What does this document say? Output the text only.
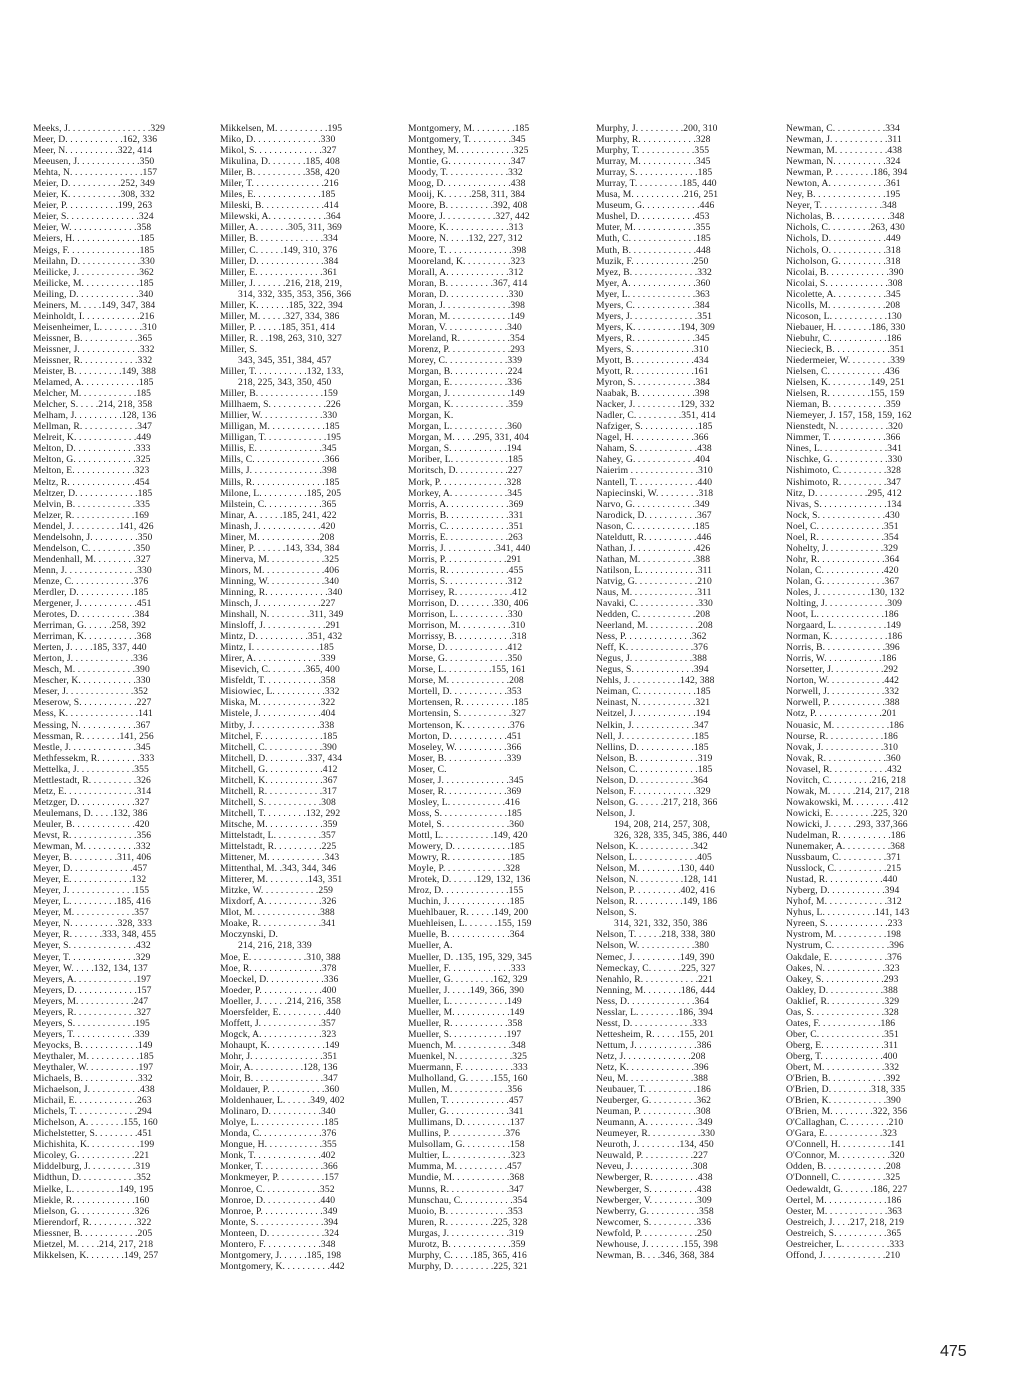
Meeks, J. . . . . . . . . . . . . . . . .329
Meer, D. . . . . . . . . . . .162, 336
Meer, N. . . . . . . . . . .322, 414
Meeusen, J. . . . . . . . . . . . .350
Mehta, N. . . . . . . . . . . . . . .157
Meier, D. . . . . . . . . . .252, 349
Meier, K. . . . . . . . . . .308, 332
Meier, P. . . . . . . . . . .199, 263
Meier, S. . . . . . . . . . . . . . .324
Meier, W. . . . . . . . . . . . . .358
Meiers, H. . . . . . . . . . . . . .185
Meigs, F. . . . . . . . . . . . . . .185
Meilahn, D. . . . . . . . . . . . .330
Meilicke, J. . . . . . . . . . . . .362
Meilicke, M. . . . . . . . . . . .185
Meiling, D. . . . . . . . . . . . .340
Meiners, M. . . . .149, 347, 384
Meinholdt, I. . . . . . . . . . . .216
Meisenheimer, L. . . . . . . . .310
Meissner, B. . . . . . . . . . . .365
Meissner, J. . . . . . . . . . . . .332
Meissner, R. . . . . . . . . . . .332
Meister, B. . . . . . . . . .149, 388
Melamed, A. . . . . . . . . . . .185
Melcher, M. . . . . . . . . . . .185
Melcher, S. . . . .214, 218, 358
Melham, J. . . . . . . . . .128, 136
Mellman, R. . . . . . . . . . . .347
Melreit, K. . . . . . . . . . . . .449
Melton, D. . . . . . . . . . . . .333
Melton, G. . . . . . . . . . . . .325
Melton, E. . . . . . . . . . . . .323
Meltz, R. . . . . . . . . . . . . .454
Meltzer, D. . . . . . . . . . . . .185
Melvin, B. . . . . . . . . . . . .335
Melzer, R. . . . . . . . . . . . .169
Mendel, J. . . . . . . . . .141, 426
Mendelsohn, J. . . . . . . . . .350
Mendelson, C. . . . . . . . . .350
Mendenhall, M. . . . . . . . .327
Menn, J. . . . . . . . . . . . . . .330
Menze, C. . . . . . . . . . . . .376
Merdler, D. . . . . . . . . . . .185
Mergener, J. . . . . . . . . . . .451
Merotes, D. . . . . . . . . . . .384
Merriman, G. . . . . .258, 392
Merriman, K. . . . . . . . . . .368
Merten, J. . . . .185, 337, 440
Merton, J. . . . . . . . . . . . .336
Mesch, M. . . . . . . . . . . . .390
Mescher, K. . . . . . . . . . . .330
Meser, J. . . . . . . . . . . . . .352
Meserow, S. . . . . . . . . . . .227
Mess, K. . . . . . . . . . . . . . .141
Messing, N. . . . . . . . . . . .367
Messman, R. . . . . . . .141, 256
Mestle, J. . . . . . . . . . . . . .345
Methfessekm, R. . . . . . . . .333
Mettelka, J. . . . . . . . . . . .355
Mettlestadt, R. . . . . . . . . .326
Metz, E. . . . . . . . . . . . . . .314
Metzger, D. . . . . . . . . . . .327
Meulemans, D. . . . .132, 386
Meuler, B. . . . . . . . . . . . .420
Mevst, R. . . . . . . . . . . . . .356
Mewman, M. . . . . . . . . . .332
Meyer, B. . . . . . . . . .311, 406
Meyer, D. . . . . . . . . . . . .457
Meyer, E. . . . . . . . . . . . .132
Meyer, J. . . . . . . . . . . . . .155
Meyer, L. . . . . . . . . .185, 416
Meyer, M. . . . . . . . . . . . .357
Meyer, N. . . . . . . . . .328, 333
Meyer, R. . . . . . .333, 348, 455
Meyer, S. . . . . . . . . . . . . .432
Meyer, T. . . . . . . . . . . . . .329
Meyer, W. . . . .132, 134, 137
Meyers, A. . . . . . . . . . . . .197
Meyers, D. . . . . . . . . . . . .157
Meyers, M. . . . . . . . . . . .247
Meyers, R. . . . . . . . . . . . .327
Meyers, S. . . . . . . . . . . . .195
Meyers, T. . . . . . . . . . . . .339
Meyocks, B. . . . . . . . . . . .149
Meythaler, M. . . . . . . . . . .185
Meythaler, W. . . . . . . . . . .197
Michaels, B. . . . . . . . . . . .332
Michaelson, J. . . . . . . . . . .438
Michail, E. . . . . . . . . . . . .263
Michels, T. . . . . . . . . . . . .294
Michelson, A. . . . . . . .155, 160
Michelstetter, S. . . . . . . . .451
Michishita, K. . . . . . . . . . .199
Micoley, G. . . . . . . . . . . .221
Middelburg, J. . . . . . . . . .319
Midthun, D. . . . . . . . . . . .352
Mielke, L. . . . . . . . . .149, 195
Miekle, R. . . . . . . . . . . . .160
Mielson, G. . . . . . . . . . . .326
Mierendorf, R. . . . . . . . . .322
Miessner, B. . . . . . . . . . . .205
Mietzel, M. . . . .214, 217, 218
Mikkelsen, K. . . . . . . .149, 257
Mikkelsen, M. . . . . . . . . . .195
Miko, D. . . . . . . . . . . . . .330
Mikol, S. . . . . . . . . . . . . .327
Mikulina, D. . . . . . . .185, 408
Miler, B. . . . . . . . . . .358, 420
Miler, T. . . . . . . . . . . . . . .216
Miles, E. . . . . . . . . . . . . .185
Mileski, B. . . . . . . . . . . . .414
Milewski, A. . . . . . . . . . . .364
Miller, A. . . . . . .305, 311, 369
Miller, B. . . . . . . . . . . . . .334
Miller, C. . . . . .149, 310, 376
Miller, D. . . . . . . . . . . . . .384
Miller, E. . . . . . . . . . . . . .361
Miller, J. . . . . . .216, 218, 219,
314, 332, 335, 353, 356, 366
Miller, K. . . . . . .185, 322, 394
Miller, M. . . . . .327, 334, 386
Miller, P. . . . . .185, 351, 414
Miller, R. . .198, 263, 310, 327
Miller, S.
343, 345, 351, 384, 457
Miller, T. . . . . . . . . . .132, 133,
218, 225, 343, 350, 450
Miller, B. . . . . . . . . . . . . .159
Millhaem, S. . . . . . . . . . . .226
Millier, W. . . . . . . . . . . . .330
Milligan, M. . . . . . . . . . . .185
Milligan, T. . . . . . . . . . . . .195
Millis, E. . . . . . . . . . . . . .345
Mills, C. . . . . . . . . . . . . . .366
Mills, J. . . . . . . . . . . . . . .398
Mills, R. . . . . . . . . . . . . . .185
Milone, L. . . . . . . . . .185, 205
Milstein, C. . . . . . . . . . . .365
Minar, A. . . . . .185, 241, 422
Minash, J. . . . . . . . . . . . .420
Miner, M. . . . . . . . . . . . .208
Miner, P. . . . . . .143, 334, 384
Minerva, M. . . . . . . . . . . .325
Minors, M. . . . . . . . . . . . .406
Minning, W. . . . . . . . . . . .340
Minning, R. . . . . . . . . . . . .340
Minsch, J. . . . . . . . . . . . .227
Minshall, N. . . . . . . . .311, 349
Minsloff, J. . . . . . . . . . . . .291
Mintz, D. . . . . . . . . . .351, 432
Mintz, I. . . . . . . . . . . . . .185
Mirer, A. . . . . . . . . . . . . .339
Misevich, C. . . . . . . .365, 400
Misfeldt, T. . . . . . . . . . . .358
Misiowiec, L. . . . . . . . . . .332
Miska, M. . . . . . . . . . . . .322
Mistele, J. . . . . . . . . . . . .404
Mitby, J. . . . . . . . . . . . . .338
Mitchel, F. . . . . . . . . . . . .185
Mitchell, C. . . . . . . . . . . .390
Mitchell, D. . . . . . . . .337, 434
Mitchell, G. . . . . . . . . . . .412
Mitchell, K. . . . . . . . . . . .367
Mitchell, R. . . . . . . . . . . .317
Mitchell, S. . . . . . . . . . . .308
Mitchell, T. . . . . . . . .132, 292
Mitsche, M. . . . . . . . . . . .359
Mittelstadt, L. . . . . . . . . .357
Mittelstadt, R. . . . . . . . . .225
Mittener, M. . . . . . . . . . . .343
Mittenthal, M. .343, 344, 346
Mitterer, M. . . . . . . . .143, 351
Mitzke, W. . . . . . . . . . . .259
Mixdorf, A. . . . . . . . . . . .326
Mlot, M. . . . . . . . . . . . . .388
Moake, R. . . . . . . . . . . . .341
Moczynski, D.
214, 216, 218, 339
Moe, E. . . . . . . . . . . .310, 388
Moe, R. . . . . . . . . . . . . . .378
Moeckel, D. . . . . . . . . . . .336
Moeder, P. . . . . . . . . . . . .400
Moeller, J. . . . . .214, 216, 358
Moersfelder, E. . . . . . . . . .440
Moffett, J. . . . . . . . . . . . .357
Mogck, A. . . . . . . . . . . . .323
Mohaupt, K. . . . . . . . . . . .149
Mohr, J. . . . . . . . . . . . . . .351
Moir, A. . . . . . . . . . .128, 136
Moir, B. . . . . . . . . . . . . . .347
Moldauer, P. . . . . . . . . . . .360
Moldenhauer, L. . . . . .349, 402
Molinaro, D. . . . . . . . . . .340
Molye, L. . . . . . . . . . . . . .185
Monda, C. . . . . . . . . . . . .376
Mongue, H. . . . . . . . . . . .355
Monk, T. . . . . . . . . . . . . .402
Monker, T. . . . . . . . . . . . .366
Monkmeyer, P. . . . . . . . . .157
Monroe, C. . . . . . . . . . . .352
Monroe, D. . . . . . . . . . . .440
Monroe, P. . . . . . . . . . . . .349
Monte, S. . . . . . . . . . . . . .394
Monteen, D. . . . . . . . . . . .324
Montero, F. . . . . . . . . . . .348
Montgomery, J. . . . . .185, 198
Montgomery, K. . . . . . . . . .442
Montgomery, M. . . . . . . . .185
Montgomery, T. . . . . . . . .345
Monthey, M. . . . . . . . . . . .325
Montie, G. . . . . . . . . . . . .347
Moody, T. . . . . . . . . . . . .332
Moog, D. . . . . . . . . . . . . .438
Mooij, K. . . . . .258, 311, 384
Moore, B. . . . . . . . . .392, 408
Moore, J. . . . . . . . . . .327, 442
Moore, K. . . . . . . . . . . . .313
Moore, N. . . . .132, 227, 312
Moore, T. . . . . . . . . . . . . .398
Mooreland, K. . . . . . . . . .323
Morall, A. . . . . . . . . . . . .312
Moran, B. . . . . . . . . .367, 414
Moran, D. . . . . . . . . . . . .330
Moran, J. . . . . . . . . . . . . .398
Moran, M. . . . . . . . . . . . .149
Moran, V. . . . . . . . . . . . .340
Moreland, R. . . . . . . . . . .354
Morenz, P. . . . . . . . . . . . .293
Morey, C. . . . . . . . . . . . .339
Morgan, B. . . . . . . . . . . .224
Morgan, E. . . . . . . . . . . .336
Morgan, J. . . . . . . . . . . . .149
Morgan, K. . . . . . . . . . . .359
Morgan, K.
Morgan, L. . . . . . . . . . . .360
Morgan, M. . . . .295, 331, 404
Morgan, S. . . . . . . . . . . .194
Moriber, L. . . . . . . . . . . .185
Moritsch, D. . . . . . . . . . .227
Mork, P. . . . . . . . . . . . . .328
Morkey, A. . . . . . . . . . . .345
Morris, A. . . . . . . . . . . . .369
Morris, B. . . . . . . . . . . . .331
Morris, C. . . . . . . . . . . . .351
Morris, E. . . . . . . . . . . . .263
Morris, J. . . . . . . . . . .341, 440
Morris, P. . . . . . . . . . . . .291
Morris, R. . . . . . . . . . . . .455
Morris, S. . . . . . . . . . . . .312
Morrisey, R. . . . . . . . . . . .412
Morrison, D. . . . . . . .330, 406
Morrison, L. . . . . . . . . . .330
Morrison, M. . . . . . . . . . .310
Morrissy, B. . . . . . . . . . . .318
Morse, D. . . . . . . . . . . . .412
Morse, G. . . . . . . . . . . . .350
Morse, L. . . . . . . . . .155, 161
Morse, M. . . . . . . . . . . . .208
Mortell, D. . . . . . . . . . . .353
Mortensen, R. . . . . . . . . . .185
Mortensin, S. . . . . . . . . . .327
Mortenson, K. . . . . . . . . .376
Morton, D. . . . . . . . . . . .451
Moseley, W. . . . . . . . . . .366
Moser, B. . . . . . . . . . . . .339
Moser, C.
Moser, J. . . . . . . . . . . . . .345
Moser, R. . . . . . . . . . . . .369
Mosley, L. . . . . . . . . . . .416
Moss, S. . . . . . . . . . . . . .185
Motel, S. . . . . . . . . . . . . .360
Mottl, L. . . . . . . . . . .149, 420
Mowery, D. . . . . . . . . . . .185
Mowry, R. . . . . . . . . . . . .185
Moyle, P. . . . . . . . . . . . .328
Mrotek, D. . . . . .129, 132, 136
Mroz, D. . . . . . . . . . . . . .155
Muchin, J. . . . . . . . . . . . .185
Muehlbauer, R. . . . . .149, 200
Muehleisen, L. . . . . . .155, 159
Muelle, B. . . . . . . . . . . . .364
Mueller, A.
Mueller, D. .135, 195, 329, 345
Mueller, F. . . . . . . . . . . . .333
Mueller, G. . . . . . . . .162, 329
Mueller, J. . . . .149, 366, 390
Mueller, L. . . . . . . . . . . .149
Mueller, M. . . . . . . . . . . .149
Mueller, R. . . . . . . . . . . .358
Mueller, S. . . . . . . . . . . .197
Muench, M. . . . . . . . . . . .348
Muenkel, N. . . . . . . . . . . .325
Muermann, F. . . . . . . . . . .333
Mulholland, G. . . . . .155, 160
Mullen, M. . . . . . . . . . . .356
Mullen, T. . . . . . . . . . . . .457
Muller, G. . . . . . . . . . . . .341
Mullimans, D. . . . . . . . . .137
Mullins, P. . . . . . . . . . . .376
Mulsollam, G. . . . . . . . . .158
Multier, L. . . . . . . . . . . . .323
Mumma, M. . . . . . . . . . .457
Mundie, M. . . . . . . . . . . .368
Munns, R. . . . . . . . . . . . .347
Munschau, C. . . . . . . . . . .354
Muoio, B. . . . . . . . . . . . .353
Muren, R. . . . . . . . . .225, 328
Murgas, J. . . . . . . . . . . . .319
Murotz, B. . . . . . . . . . . . .359
Murphy, C. . . . .185, 365, 416
Murphy, D. . . . . . . . .225, 321
Murphy, J. . . . . . . . . .200, 310
Murphy, R. . . . . . . . . . . .328
Murphy, T. . . . . . . . . . . .355
Murray, M. . . . . . . . . . . .345
Murray, S. . . . . . . . . . . . .185
Murray, T. . . . . . . . . .185, 440
Musa, M. . . . . . . . . . .216, 251
Museum, G. . . . . . . . . . . .446
Mushel, D. . . . . . . . . . . .453
Muter, M. . . . . . . . . . . . .355
Muth, C. . . . . . . . . . . . . .185
Muth, B. . . . . . . . . . . . . .448
Muzik, F. . . . . . . . . . . . .250
Myez, B. . . . . . . . . . . . . .332
Myer, A. . . . . . . . . . . . . .360
Myer, L. . . . . . . . . . . . . .363
Myers, C. . . . . . . . . . . . .384
Myers, J. . . . . . . . . . . . . .351
Myers, K. . . . . . . . . .194, 309
Myers, R. . . . . . . . . . . . .345
Myers, S. . . . . . . . . . . . .310
Myott, B. . . . . . . . . . . . .434
Myott, R. . . . . . . . . . . . .161
Myron, S. . . . . . . . . . . . .384
Naabak, B. . . . . . . . . . . .398
Nacker, J. . . . . . . . . .129, 332
Nadler, C. . . . . . . . . .351, 414
Nafziger, S. . . . . . . . . . . .185
Nagel, H. . . . . . . . . . . . .366
Naham, S. . . . . . . . . . . . .438
Nahey, G. . . . . . . . . . . . .404
Naierim . . . . . . . . . . . . . .310
Nantell, T. . . . . . . . . . . . .440
Napiecinski, W. . . . . . . . .318
Narvo, G. . . . . . . . . . . . .349
Narodick, D. . . . . . . . . . .367
Nason, C. . . . . . . . . . . . .185
Nateldutt, R. . . . . . . . . . .446
Nathan, J. . . . . . . . . . . . .426
Nathan, M. . . . . . . . . . . .388
Natilson, L. . . . . . . . . . . .311
Natvig, G. . . . . . . . . . . . .210
Naus, M. . . . . . . . . . . . . .311
Navaki, C. . . . . . . . . . . . .330
Nedden, C. . . . . . . . . . . .208
Neerland, M. . . . . . . . . . .208
Ness, P. . . . . . . . . . . . . .362
Neff, K. . . . . . . . . . . . . .376
Negus, J. . . . . . . . . . . . .388
Negus, S. . . . . . . . . . . . .394
Nehls, J. . . . . . . . . . .142, 388
Neiman, C. . . . . . . . . . . .185
Neinast, N. . . . . . . . . . . .321
Neitzel, J. . . . . . . . . . . . .194
Nelkin, J. . . . . . . . . . . . .347
Nell, J. . . . . . . . . . . . . . .185
Nellins, D. . . . . . . . . . . .185
Nelson, B. . . . . . . . . . . . .319
Nelson, C. . . . . . . . . . . . .185
Nelson, D. . . . . . . . . . . .364
Nelson, F. . . . . . . . . . . . .329
Nelson, G. . . . . .217, 218, 366
Nelson, J.
194, 208, 214, 257, 308,
326, 328, 335, 345, 386, 440
Nelson, K. . . . . . . . . . . .342
Nelson, L. . . . . . . . . . . . .405
Nelson, M. . . . . . . . .130, 440
Nelson, N. . . . . . . . . .128, 141
Nelson, P. . . . . . . . . .402, 416
Nelson, R. . . . . . . . . .149, 186
Nelson, S.
314, 321, 332, 350, 386
Nelson, T. . . . . .218, 338, 380
Nelson, W. . . . . . . . . . . .380
Nemec, J. . . . . . . . . .149, 390
Nemeckay, C. . . . . . .225, 327
Nenahlo, R. . . . . . . . . . . .221
Nenning, M. . . . . . . .186, 444
Ness, D. . . . . . . . . . . . . .364
Nesslar, L. . . . . . . . .186, 394
Nesst, D. . . . . . . . . . . . .333
Nettesheim, R. . . . . .155, 201
Nettum, J. . . . . . . . . . . . .386
Netz, J. . . . . . . . . . . . . .208
Netz, K. . . . . . . . . . . . . .396
Neu, M. . . . . . . . . . . . . .388
Neubauer, T. . . . . . . . . . .186
Neuberger, G. . . . . . . . . .362
Neuman, P. . . . . . . . . . . .308
Neumann, A. . . . . . . . . . .349
Neumeyer, R. . . . . . . . . . .330
Neuroth, J. . . . . . . . .134, 450
Neuwald, P. . . . . . . . . . .227
Neveu, J. . . . . . . . . . . . .308
Newberger, R. . . . . . . . . .438
Newberger, S. . . . . . . . . .438
Newberger, V. . . . . . . . . .309
Newberry, G. . . . . . . . . . .358
Newcomer, S. . . . . . . . . .336
Newfold, P. . . . . . . . . . . .250
Newhouse, J. . . . . . . .155, 398
Newman, B. . . .346, 368, 384
Newman, C. . . . . . . . . . .334
Newman, J. . . . . . . . . . . .311
Newman, M. . . . . . . . . . .438
Newman, N. . . . . . . . . . .324
Newman, P. . . . . . . . .186, 394
Newton, A. . . . . . . . . . . .361
Ney, B. . . . . . . . . . . . . . .195
Neyer, T. . . . . . . . . . . . .348
Nicholas, B. . . . . . . . . . . .348
Nichols, C. . . . . . . . .263, 430
Nichols, D. . . . . . . . . . . .449
Nichols, O. . . . . . . . . . . .318
Nicholson, G. . . . . . . . . .318
Nicolai, B. . . . . . . . . . . . .390
Nicolai, S. . . . . . . . . . . . .308
Nicolette, A. . . . . . . . . . .345
Nicolls, M. . . . . . . . . . . .208
Nicoson, L. . . . . . . . . . . .130
Niebauer, H. . . . . . . .186, 330
Niebuhr, C. . . . . . . . . . . .186
Niecieck, B. . . . . . . . . . . .351
Niedermeier, W. . . . . . . . .339
Nielsen, C. . . . . . . . . . . .436
Nielsen, K. . . . . . . . .149, 251
Nielsen, R. . . . . . . . .155, 159
Nieman, B. . . . . . . . . . . .359
Niemeyer, J. 157, 158, 159, 162
Nienstedt, N. . . . . . . . . . .320
Nimmer, T. . . . . . . . . . . .366
Nines, L. . . . . . . . . . . . . .341
Nischke, G. . . . . . . . . . . .330
Nishimoto, C. . . . . . . . . .328
Nishimoto, R. . . . . . . . . .347
Nitz, D. . . . . . . . . . .295, 412
Nivas, S. . . . . . . . . . . . . .134
Nock, S. . . . . . . . . . . . . .430
Noel, C. . . . . . . . . . . . . .351
Noel, R. . . . . . . . . . . . . .354
Nohelty, J. . . . . . . . . . . .329
Nohr, R. . . . . . . . . . . . . .364
Nolan, C. . . . . . . . . . . . .420
Nolan, G. . . . . . . . . . . . .367
Noles, J. . . . . . . . . . .130, 132
Nolting, J. . . . . . . . . . . . .309
Noot, L. . . . . . . . . . . . . .186
Norgaard, L. . . . . . . . . . .149
Norman, K. . . . . . . . . . . .186
Norris, B. . . . . . . . . . . . .396
Norris, W. . . . . . . . . . . .186
Norsetter, J. . . . . . . . . . .292
Norton, W. . . . . . . . . . . .442
Norwell, J. . . . . . . . . . . .332
Norwell, P. . . . . . . . . . . .388
Notz, P. . . . . . . . . . . . . .201
Nouasic, M. . . . . . . . . . . .186
Nourse, R. . . . . . . . . . . .186
Novak, J. . . . . . . . . . . . .310
Novak, R. . . . . . . . . . . . .360
Novasel, R. . . . . . . . . . . .432
Novitch, C. . . . . . . . .216, 218
Nowak, M. . . . . .214, 217, 218
Nowakowski, M. . . . . . . . .412
Nowicki, E. . . . . . . . .225, 320
Nowicki, J. . . . . .293, 337,366
Nudelman, R. . . . . . . . . . .186
Nunemaker, A. . . . . . . . . .368
Nussbaum, C. . . . . . . . . .371
Nusslock, C. . . . . . . . . . .215
Nustad, R. . . . . . . . . . . .440
Nyberg, D. . . . . . . . . . . .394
Nyhof, M. . . . . . . . . . . . .312
Nyhus, L. . . . . . . . . . .141, 143
Nyreen, S. . . . . . . . . . . . .233
Nystrom, M. . . . . . . . . . .198
Nystrum, C. . . . . . . . . . . .396
Oakdale, E. . . . . . . . . . . .376
Oakes, N. . . . . . . . . . . . .323
Oakey, S. . . . . . . . . . . . .293
Oakley, D. . . . . . . . . . . .388
Oaklief, R. . . . . . . . . . . .329
Oas, S. . . . . . . . . . . . . . .328
Oates, F. . . . . . . . . . . . .186
Ober, C. . . . . . . . . . . . . .351
Oberg, E. . . . . . . . . . . . .311
Oberg, T. . . . . . . . . . . . .400
Obert, M. . . . . . . . . . . . .332
O'Brien, B. . . . . . . . . . . .392
O'Brien, D. . . . . . . . .318, 335
O'Brien, K. . . . . . . . . . . .390
O'Brien, M. . . . . . . . .322, 356
O'Callaghan, C. . . . . . . . .210
O'Gara, E. . . . . . . . . . . .323
O'Connell, H. . . . . . . . . . .141
O'Connor, M. . . . . . . . . . .320
Odden, B. . . . . . . . . . . . .208
O'Donnell, C. . . . . . . . . .325
Oedewaldt, G. . . . . . .186, 227
Oertel, M. . . . . . . . . . . . .186
Oester, M. . . . . . . . . . . . .363
Oestreich, J. . . .217, 218, 219
Oestreich, S. . . . . . . . . . .365
Oestreicher, L. . . . . . . . . .333
Offond, J. . . . . . . . . . . . .210
475
